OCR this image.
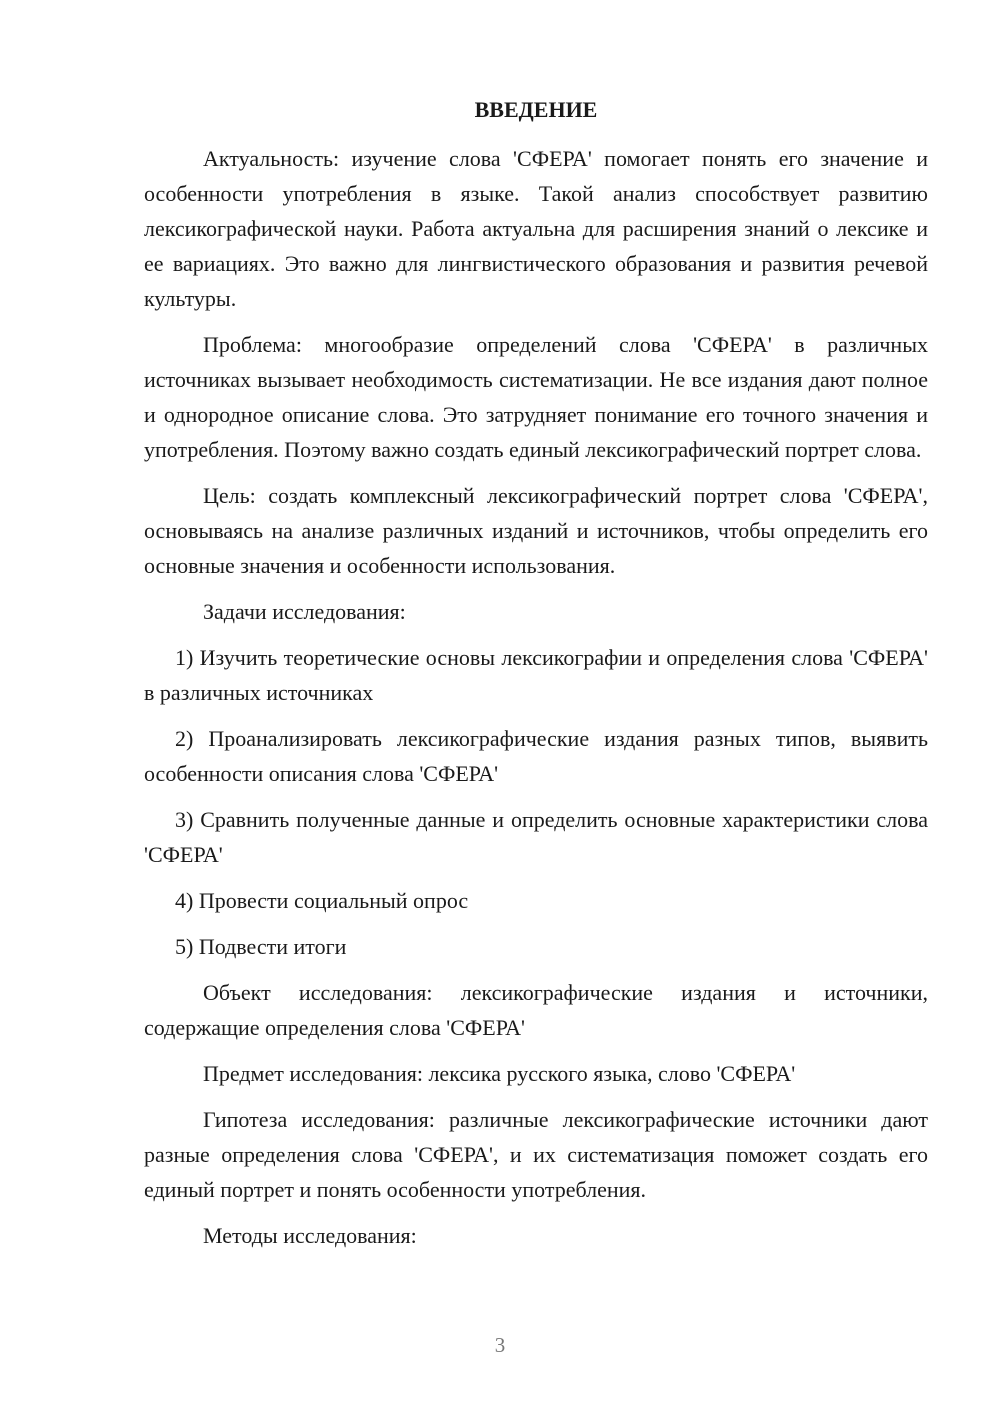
ВВЕДЕНИЕ

Актуальность: изучение слова 'СФЕРА' помогает понять его значение и особенности употребления в языке. Такой анализ способствует развитию лексикографической науки. Работа актуальна для расширения знаний о лексике и ее вариациях. Это важно для лингвистического образования и развития речевой культуры.

Проблема: многообразие определений слова 'СФЕРА' в различных источниках вызывает необходимость систематизации. Не все издания дают полное и однородное описание слова. Это затрудняет понимание его точного значения и употребления. Поэтому важно создать единый лексикографический портрет слова.

Цель: создать комплексный лексикографический портрет слова 'СФЕРА', основываясь на анализе различных изданий и источников, чтобы определить его основные значения и особенности использования.

Задачи исследования:

1) Изучить теоретические основы лексикографии и определения слова 'СФЕРА' в различных источниках

2) Проанализировать лексикографические издания разных типов, выявить особенности описания слова 'СФЕРА'

3) Сравнить полученные данные и определить основные характеристики слова 'СФЕРА'

4) Провести социальный опрос

5) Подвести итоги

Объект исследования: лексикографические издания и источники, содержащие определения слова 'СФЕРА'

Предмет исследования: лексика русского языка, слово 'СФЕРА'

Гипотеза исследования: различные лексикографические источники дают разные определения слова 'СФЕРА', и их систематизация поможет создать его единый портрет и понять особенности употребления.

Методы исследования:

3
